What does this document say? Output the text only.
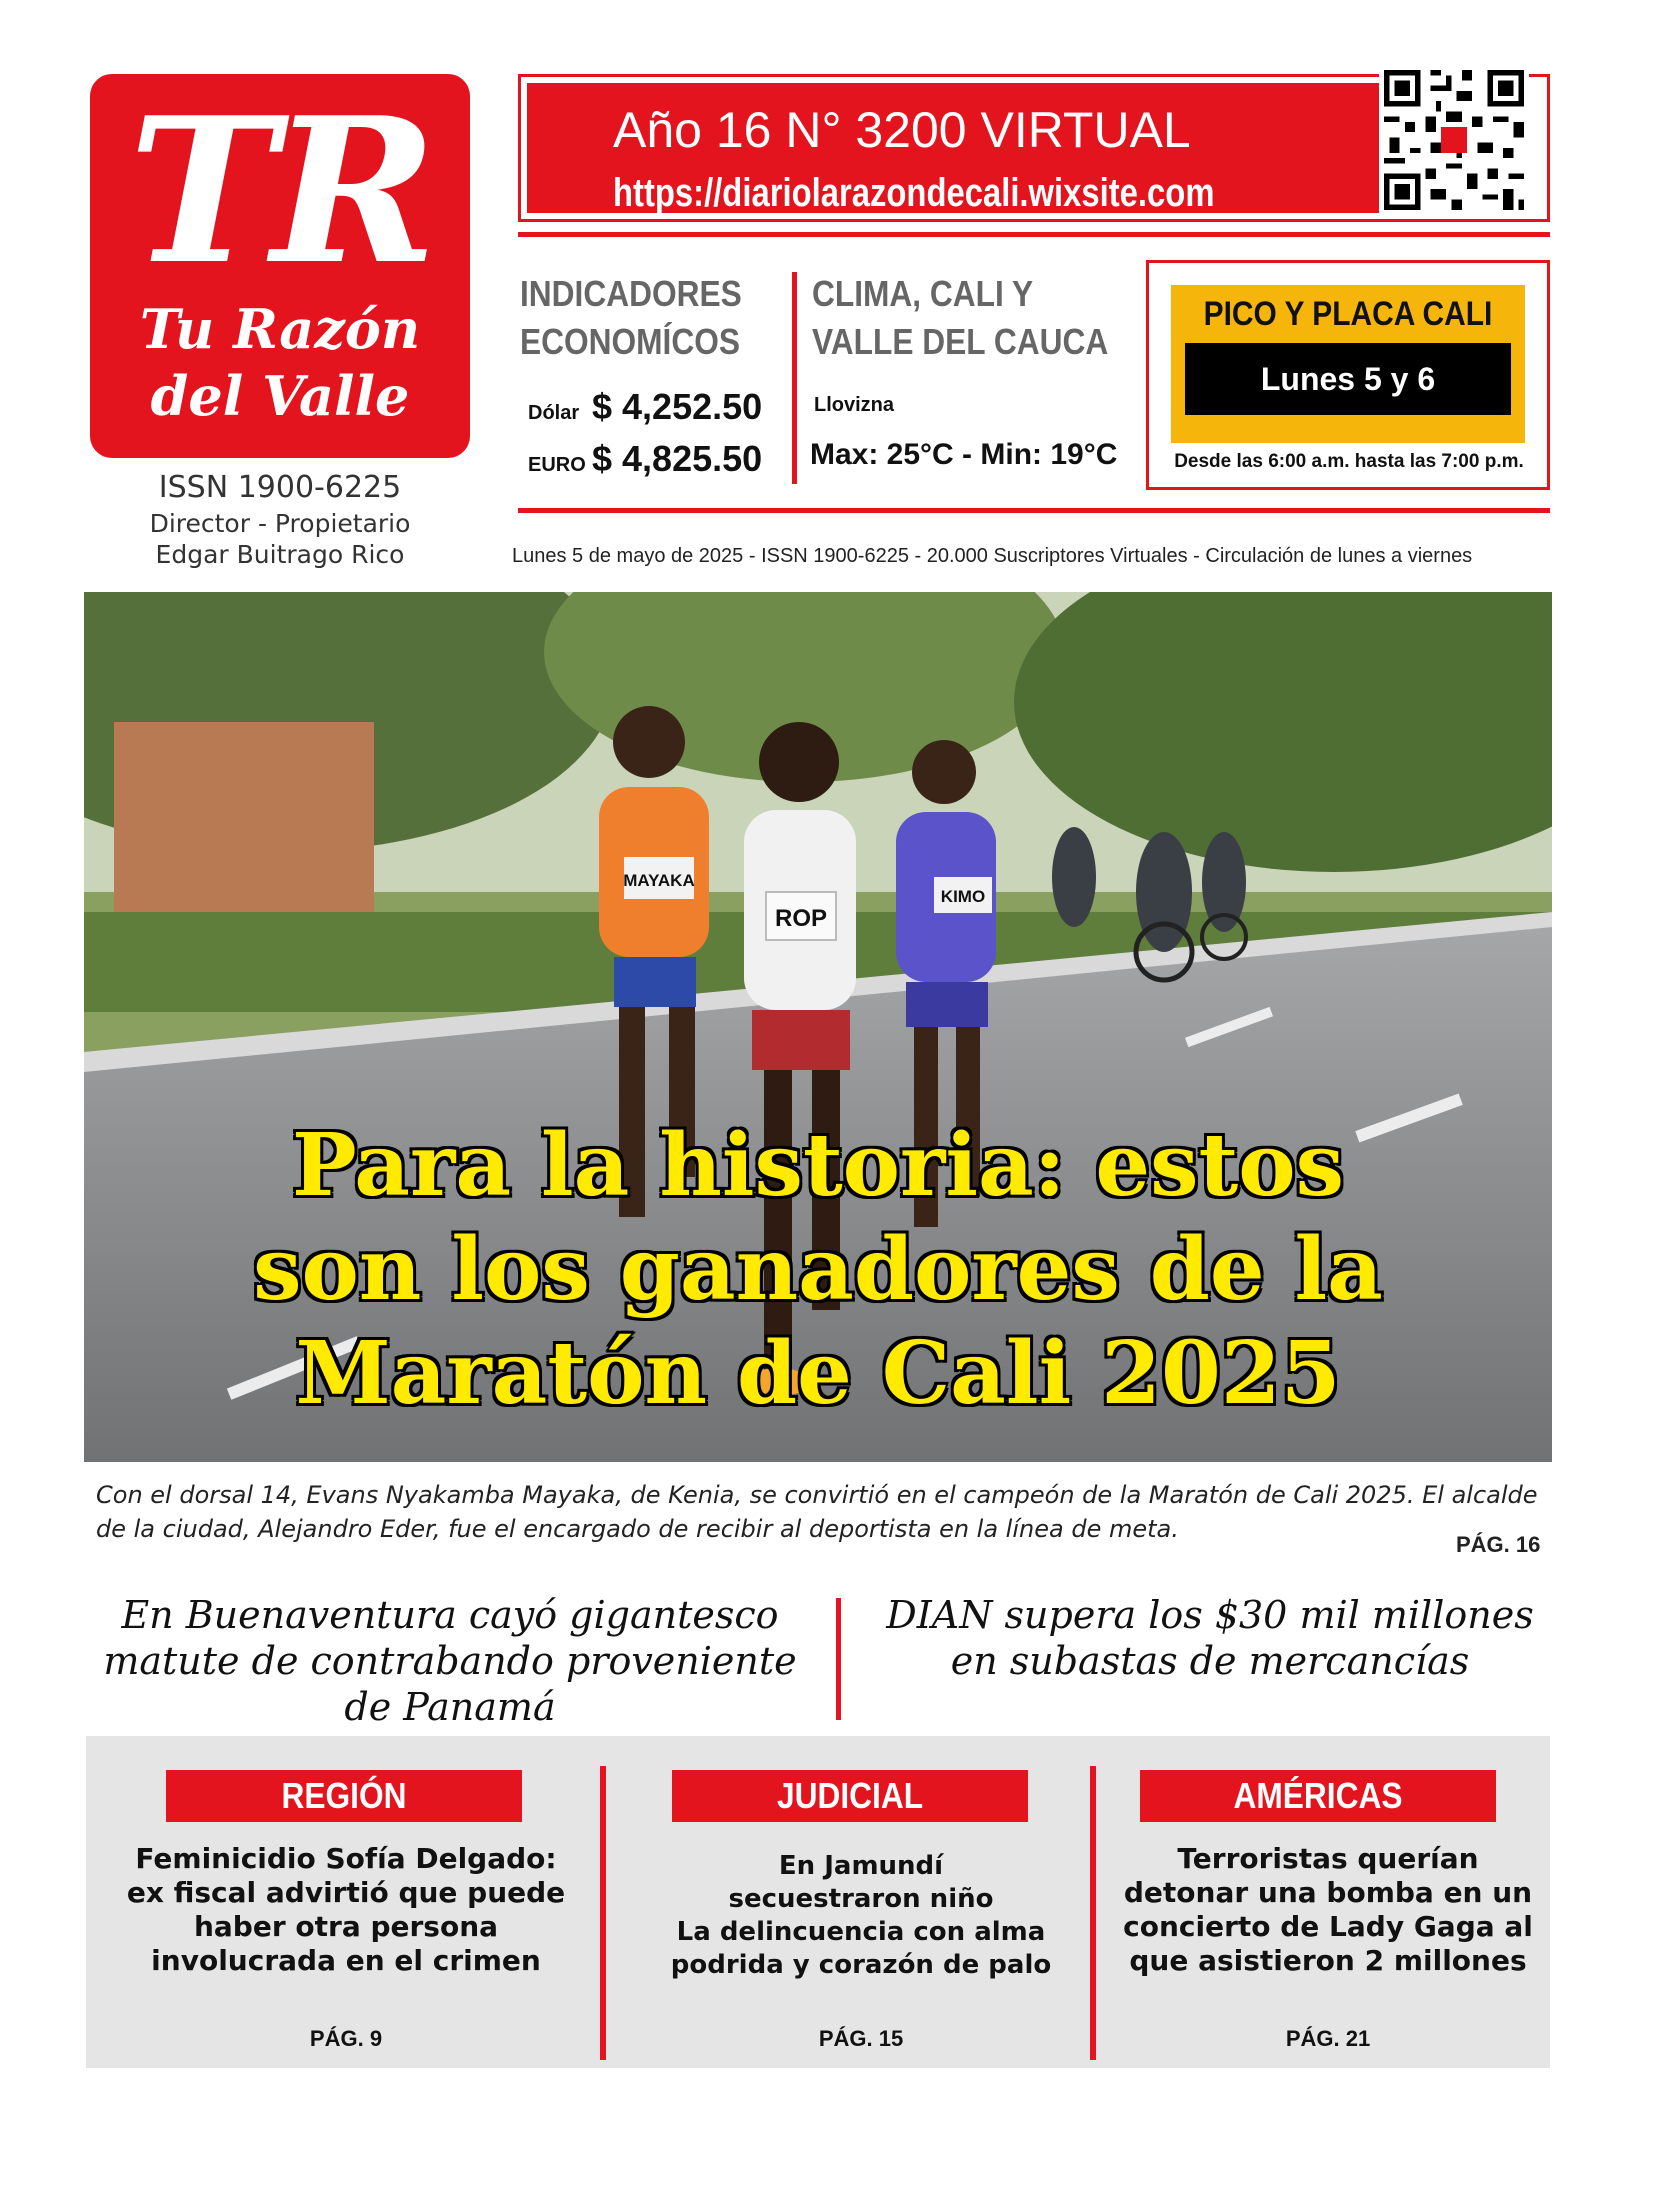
TR
Tu Razón
del Valle
ISSN 1900-6225
Director - Propietario
Edgar Buitrago Rico
Año 16 N° 3200 VIRTUAL
https://diariolarazondecali.wixsite.com
INDICADORES ECONOMÍCOS
Dólar $ 4,252.50
EURO $ 4,825.50
CLIMA, CALI Y
VALLE DEL CAUCA
Llovizna
Max: 25°C - Min: 19°C
PICO Y PLACA CALI
Lunes 5 y 6
Desde las 6:00 a.m. hasta las 7:00 p.m.
Lunes 5 de mayo de 2025 - ISSN 1900-6225 - 20.000 Suscriptores Virtuales - Circulación de lunes a viernes
MAYAKA
KIMO
ROP
Para la historia: estos
son los ganadores de la
Maratón de Cali 2025
Con el dorsal 14, Evans Nyakamba Mayaka, de Kenia, se convirtió en el campeón de la Maratón de Cali 2025. El alcalde de la ciudad, Alejandro Eder, fue el encargado de recibir al deportista en la línea de meta.
PÁG. 16
En Buenaventura cayó gigantesco matute de contrabando proveniente de Panamá
DIAN supera los $30 mil millones en subastas de mercancías
REGIÓN
Feminicidio Sofía Delgado: ex fiscal advirtió que puede haber otra persona involucrada en el crimen
PÁG. 9
JUDICIAL
En Jamundí
secuestraron niño
La delincuencia con alma
podrida y corazón de palo
PÁG. 15
AMÉRICAS
Terroristas querían detonar una bomba en un concierto de Lady Gaga al que asistieron 2 millones
PÁG. 21
